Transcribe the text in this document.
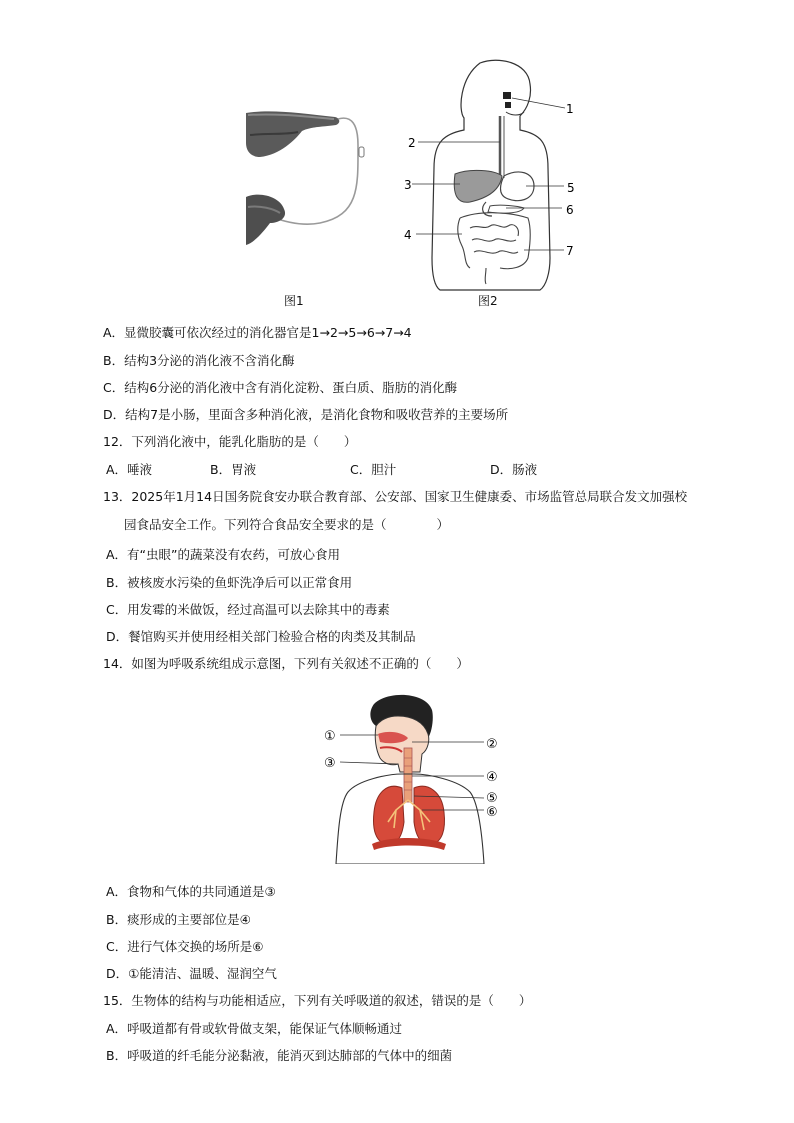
图1
1
2
3	5
6
4
7
图2
A．显微胶囊可依次经过的消化器官是1→2→5→6→7→4
B．结构3分泌的消化液不含消化酶
C．结构6分泌的消化液中含有消化淀粉、蛋白质、脂肪的消化酶
D．结构7是小肠，里面含多种消化液，是消化食物和吸收营养的主要场所
12．下列消化液中，能乳化脂肪的是（　　）
A．唾液	B．胃液	C．胆汁	D．肠液
13．2025年1月14日国务院食安办联合教育部、公安部、国家卫生健康委、市场监管总局联合发文加强校
园食品安全工作。下列符合食品安全要求的是（　　　　）
A．有“虫眼”的蔬菜没有农药，可放心食用
B．被核废水污染的鱼虾洗净后可以正常食用
C．用发霉的米做饭，经过高温可以去除其中的毒素
D．餐馆购买并使用经相关部门检验合格的肉类及其制品
14．如图为呼吸系统组成示意图，下列有关叙述不正确的（　　）
①
②
③
④
⑤
⑥
A．食物和气体的共同通道是③
B．痰形成的主要部位是④
C．进行气体交换的场所是⑥
D．①能清洁、温暖、湿润空气
15．生物体的结构与功能相适应，下列有关呼吸道的叙述，错误的是（　　）
A．呼吸道都有骨或软骨做支架，能保证气体顺畅通过
B．呼吸道的纤毛能分泌黏液，能消灭到达肺部的气体中的细菌
